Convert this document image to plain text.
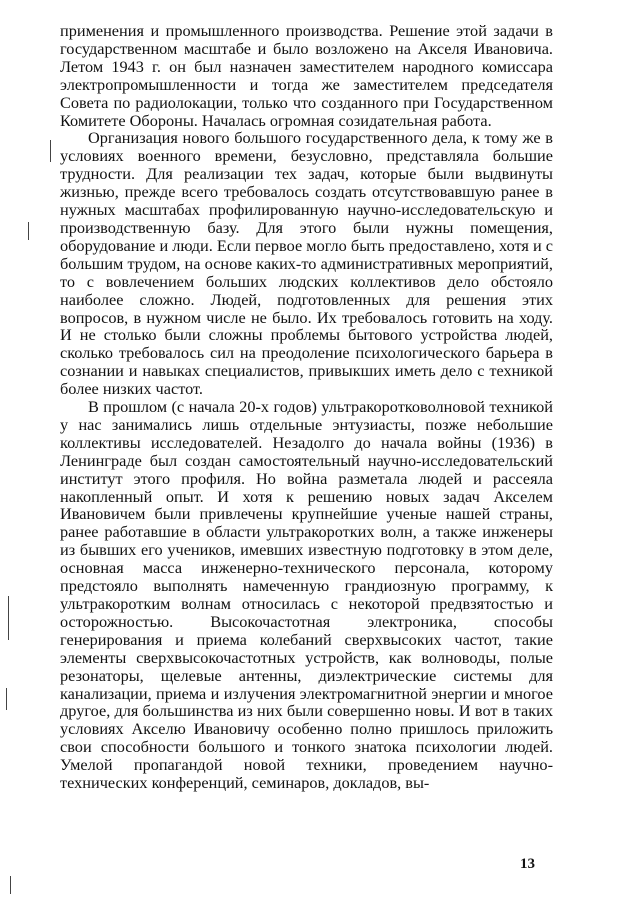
применения и промышленного производства. Решение этой задачи в государственном масштабе и было возложено на Акселя Ивановича. Летом 1943 г. он был назначен заместителем народного комиссара электропромышленности и тогда же заместителем председателя Совета по радиолокации, только что созданного при Государственном Комитете Обороны. Началась огромная созидательная работа.

Организация нового большого государственного дела, к тому же в условиях военного времени, безусловно, представляла большие трудности. Для реализации тех задач, которые были выдвинуты жизнью, прежде всего требовалось создать отсутствовавшую ранее в нужных масштабах профилированную научно-исследовательскую и производственную базу. Для этого были нужны помещения, оборудование и люди. Если первое могло быть предоставлено, хотя и с большим трудом, на основе каких-то административных мероприятий, то с вовлечением больших людских коллективов дело обстояло наиболее сложно. Людей, подготовленных для решения этих вопросов, в нужном числе не было. Их требовалось готовить на ходу. И не столько были сложны проблемы бытового устройства людей, сколько требовалось сил на преодоление психологического барьера в сознании и навыках специалистов, привыкших иметь дело с техникой более низких частот.

В прошлом (с начала 20-х годов) ультракоротковолновой техникой у нас занимались лишь отдельные энтузиасты, позже небольшие коллективы исследователей. Незадолго до начала войны (1936) в Ленинграде был создан самостоятельный научно-исследовательский институт этого профиля. Но война разметала людей и рассеяла накопленный опыт. И хотя к решению новых задач Акселем Ивановичем были привлечены крупнейшие ученые нашей страны, ранее работавшие в области ультракоротких волн, а также инженеры из бывших его учеников, имевших известную подготовку в этом деле, основная масса инженерно-технического персонала, которому предстояло выполнять намеченную грандиозную программу, к ультракоротким волнам относилась с некоторой предвзятостью и осторожностью. Высокочастотная электроника, способы генерирования и приема колебаний сверхвысоких частот, такие элементы сверхвысокочастотных устройств, как волноводы, полые резонаторы, щелевые антенны, диэлектрические системы для канализации, приема и излучения электромагнитной энергии и многое другое, для большинства из них были совершенно новы. И вот в таких условиях Акселю Ивановичу особенно полно пришлось приложить свои способности большого и тонкого знатока психологии людей. Умелой пропагандой новой техники, проведением научно-технических конференций, семинаров, докладов, вы-

13
